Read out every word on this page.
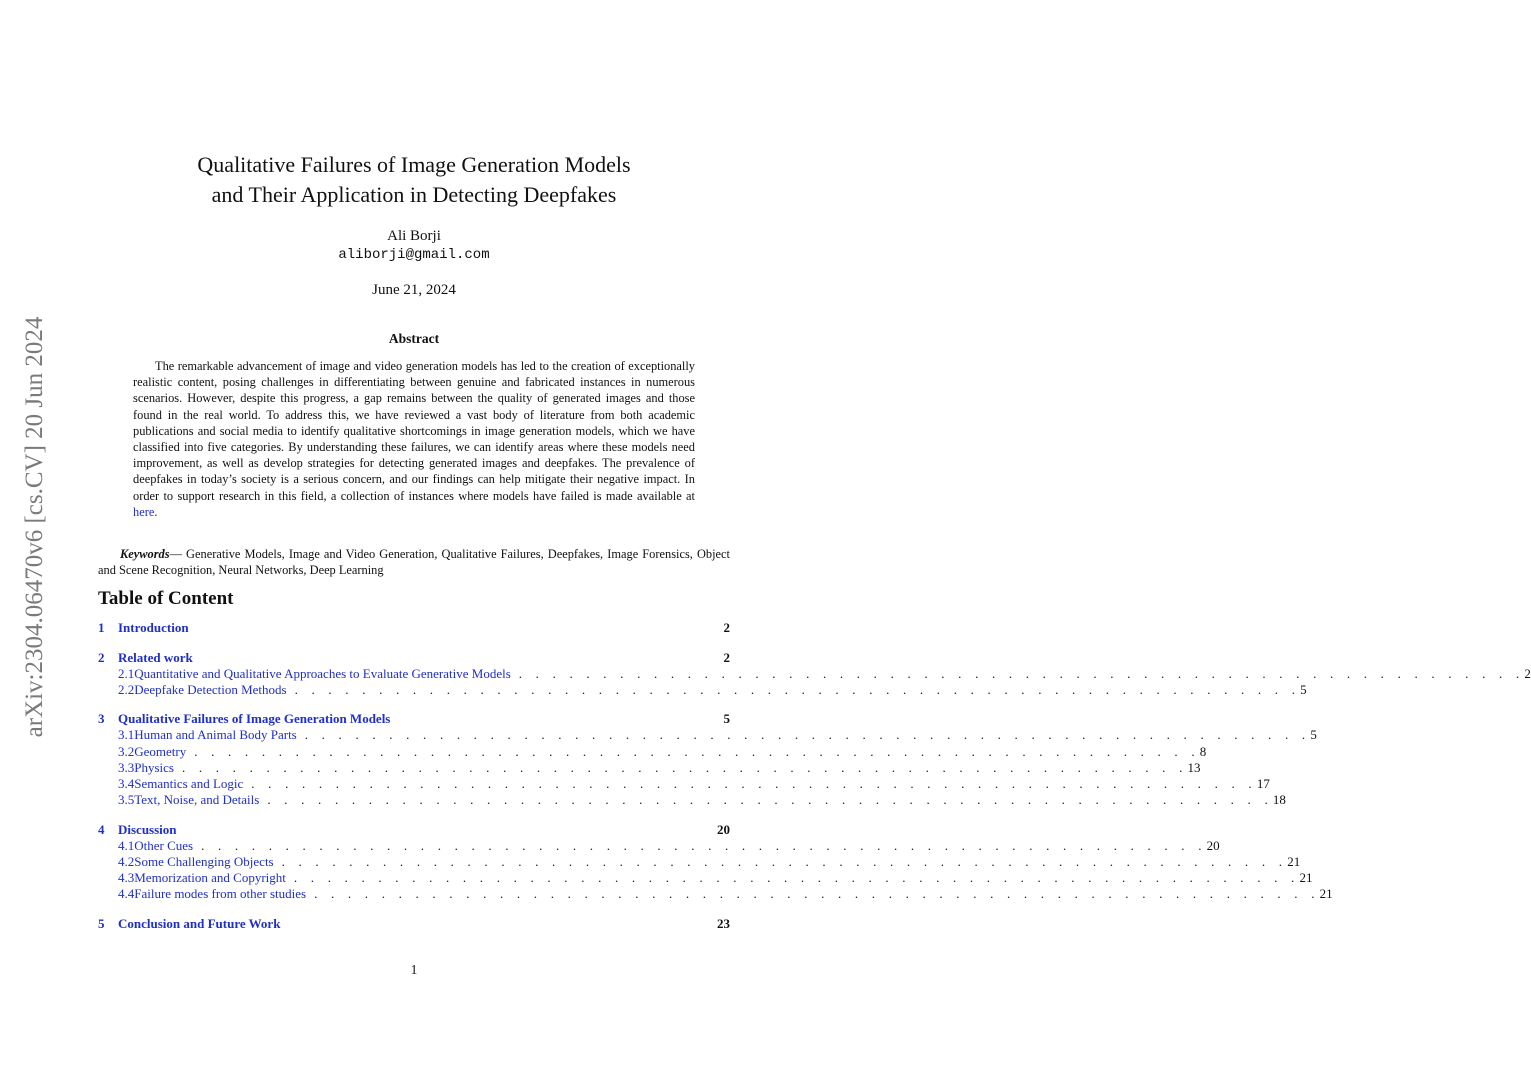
arXiv:2304.06470v6 [cs.CV] 20 Jun 2024
Qualitative Failures of Image Generation Models
and Their Application in Detecting Deepfakes
Ali Borji
aliborji@gmail.com
June 21, 2024
Abstract

The remarkable advancement of image and video generation models has led to the creation of exceptionally realistic content, posing challenges in differentiating between genuine and fabricated instances in numerous scenarios. However, despite this progress, a gap remains between the quality of generated images and those found in the real world. To address this, we have reviewed a vast body of literature from both academic publications and social media to identify qualitative shortcomings in image generation models, which we have classified into five categories. By understanding these failures, we can identify areas where these models need improvement, as well as develop strategies for detecting generated images and deepfakes. The prevalence of deepfakes in today’s society is a serious concern, and our findings can help mitigate their negative impact. In order to support research in this field, a collection of instances where models have failed is made available at here.

Keywords— Generative Models, Image and Video Generation, Qualitative Failures, Deepfakes, Image Forensics, Object and Scene Recognition, Neural Networks, Deep Learning

Table of Content
1	Introduction	2
2	Related work	2
2.1 Quantitative and Qualitative Approaches to Evaluate Generative Models . . . . . . . . . . . . . . . . . . . . . . . . . . . . . . . . . . . . . . . . . . . . . . . . . . . . . . . . . . . . 2
2.2 Deepfake Detection Methods . . . . . . . . . . . . . . . . . . . . . . . . . . . . . . . . . . . . . . . . . . . . . . . . . . . . . . . . . . . . 5
3	Qualitative Failures of Image Generation Models	5
3.1 Human and Animal Body Parts . . . . . . . . . . . . . . . . . . . . . . . . . . . . . . . . . . . . . . . . . . . . . . . . . . . . . . . . . . . . 5
3.2 Geometry . . . . . . . . . . . . . . . . . . . . . . . . . . . . . . . . . . . . . . . . . . . . . . . . . . . . . . . . . . . . 8
3.3 Physics . . . . . . . . . . . . . . . . . . . . . . . . . . . . . . . . . . . . . . . . . . . . . . . . . . . . . . . . . . . . 13
3.4 Semantics and Logic . . . . . . . . . . . . . . . . . . . . . . . . . . . . . . . . . . . . . . . . . . . . . . . . . . . . . . . . . . . . 17
3.5 Text, Noise, and Details . . . . . . . . . . . . . . . . . . . . . . . . . . . . . . . . . . . . . . . . . . . . . . . . . . . . . . . . . . . . 18
4	Discussion	20
4.1 Other Cues . . . . . . . . . . . . . . . . . . . . . . . . . . . . . . . . . . . . . . . . . . . . . . . . . . . . . . . . . . . . 20
4.2 Some Challenging Objects . . . . . . . . . . . . . . . . . . . . . . . . . . . . . . . . . . . . . . . . . . . . . . . . . . . . . . . . . . . . 21
4.3 Memorization and Copyright . . . . . . . . . . . . . . . . . . . . . . . . . . . . . . . . . . . . . . . . . . . . . . . . . . . . . . . . . . . . 21
4.4 Failure modes from other studies . . . . . . . . . . . . . . . . . . . . . . . . . . . . . . . . . . . . . . . . . . . . . . . . . . . . . . . . . . . . 21
5	Conclusion and Future Work	23
1
